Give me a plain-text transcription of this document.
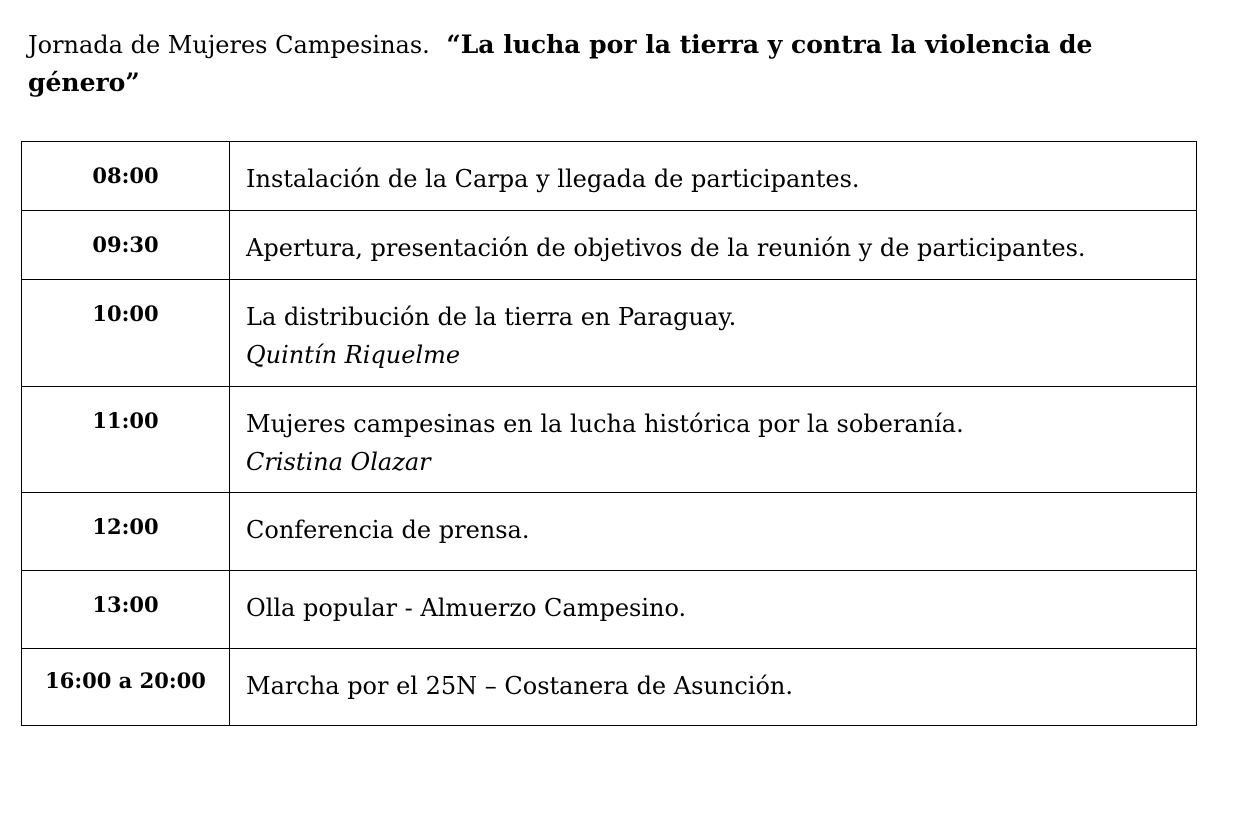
Jornada de Mujeres Campesinas. “La lucha por la tierra y contra la violencia de género”

08:00	Instalación de la Carpa y llegada de participantes.
09:30	Apertura, presentación de objetivos de la reunión y de participantes.
10:00	La distribución de la tierra en Paraguay.
Quintín Riquelme

11:00	Mujeres campesinas en la lucha histórica por la soberanía.
Cristina Olazar

12:00	Conferencia de prensa.
13:00	Olla popular - Almuerzo Campesino.
16:00 a 20:00	Marcha por el 25N – Costanera de Asunción.
